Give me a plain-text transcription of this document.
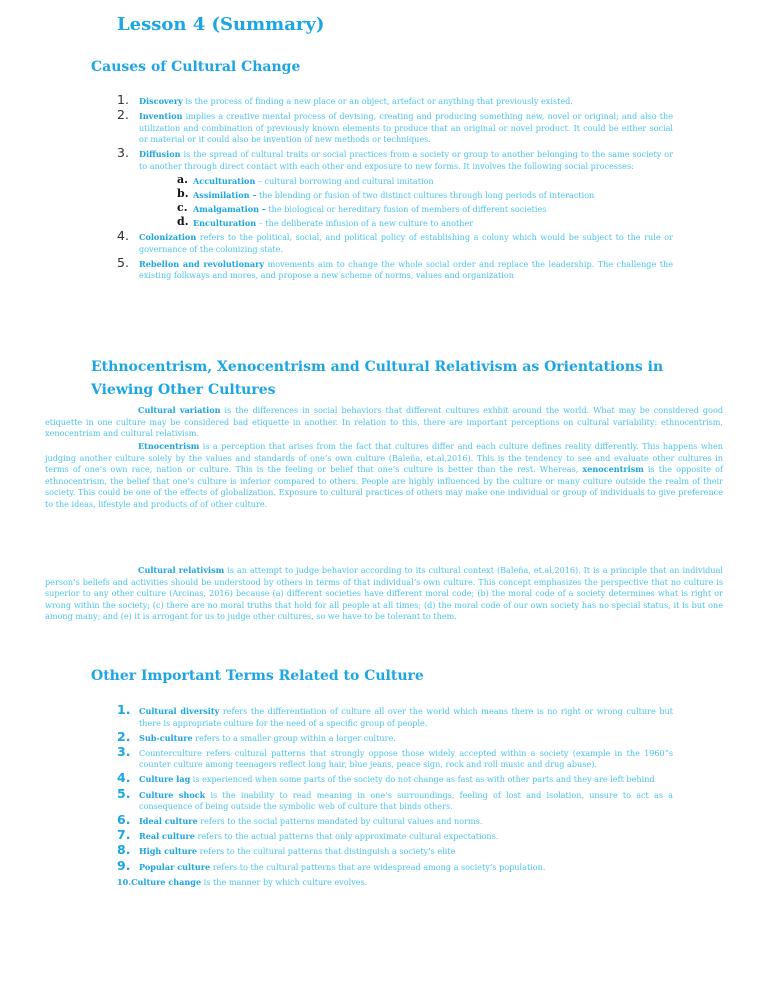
Lesson 4 (Summary)
Causes of Cultural Change
1. Discovery is the process of finding a new place or an object, artefact or anything that previously existed.
2. Invention implies a creative mental process of devising, creating and producing something new, novel or original; and also the utilization and combination of previously known elements to produce that an original or novel product. It could be either social or material or it could also be invention of new methods or techniques.
3. Diffusion is the spread of cultural traits or social practices from a society or group to another belonging to the same society or to another through direct contact with each other and exposure to new forms. It involves the following social processes:
a. Acculturation – cultural borrowing and cultural imitation
b. Assimilation – the blending or fusion of two distinct cultures through long periods of interaction
c. Amalgamation – the biological or hereditary fusion of members of different societies
d. Enculturation – the deliberate infusion of a new culture to another
4. Colonization refers to the political, social, and political policy of establishing a colony which would be subject to the rule or governance of the colonizing state.
5. Rebellon and revolutionary movements aim to change the whole social order and replace the leadership. The challenge the existing folkways and mores, and propose a new scheme of norms, values and organization
Ethnocentrism, Xenocentrism and Cultural Relativism as Orientations in Viewing Other Cultures

Cultural variation is the differences in social behaviors that different cultures exhbit around the world. What may be considered good etiquette in one culture may be considered bad etiquette in another. In relation to this, there are important perceptions on cultural variability: ethnocentrism, xenocentrism and cultural relativism.

Etnocentrism is a perception that arises from the fact that cultures differ and each culture defines reality differently. This happens when judging another culture solely by the values and standards of one’s own culture (Baleña, et.al,2016). This is the tendency to see and evaluate other cultures in terms of one’s own race, nation or culture. This is the feeling or belief that one’s culture is better than the rest. Whereas, xenocentrism is the opposite of ethnocentrism, the belief that one’s culture is inferior compared to others. People are highly influenced by the culture or many culture outside the realm of their society. This could be one of the effects of globalization. Exposure to cultural practices of others may make one individual or group of individuals to give preference to the ideas, lifestyle and products of of other culture.

Cultural relativism is an attempt to judge behavior according to its cultural context (Baleña, et.al,2016). It is a principle that an individual person’s beliefs and activities should be understood by others in terms of that individual’s own culture. This concept emphasizes the perspective that no culture is superior to any other culture (Arcinas, 2016) because (a) different societies have different moral code; (b) the moral code of a society determines what is right or wrong within the society; (c) there are no moral truths that hold for all people at all times; (d) the moral code of our own society has no special status, it is but one among many; and (e) it is arrogant for us to judge other cultures, so we have to be tolerant to them.

Other Important Terms Related to Culture
1. Cultural diversity refers the differentiation of culture all over the world which means there is no right or wrong culture but there is appropriate culture for the need of a specific group of people.
2. Sub-culture refers to a smaller group within a larger culture.
3. Counterculture refers cultural patterns that strongly oppose those widely accepted within a society (example in the 1960”s counter culture among teenagers reflect long hair, blue jeans, peace sign, rock and roll music and drug abuse).
4. Culture lag is experienced when some parts of the society do not change as fast as with other parts and they are left behind
5. Culture shock is the inability to read meaning in one’s surroundings, feeling of lost and isolation, unsure to act as a consequence of being outside the symbolic web of culture that binds others.
6. Ideal culture refers to the social patterns mandated by cultural values and norms.
7. Real culture refers to the actual patterns that only approximate cultural expectations.
8. High culture refers to the cultural patterns that distinguish a society’s elite
9. Popular culture refers to the cultural patterns that are widespread among a society’s population.
10.Culture change is the manner by which culture evolves.
